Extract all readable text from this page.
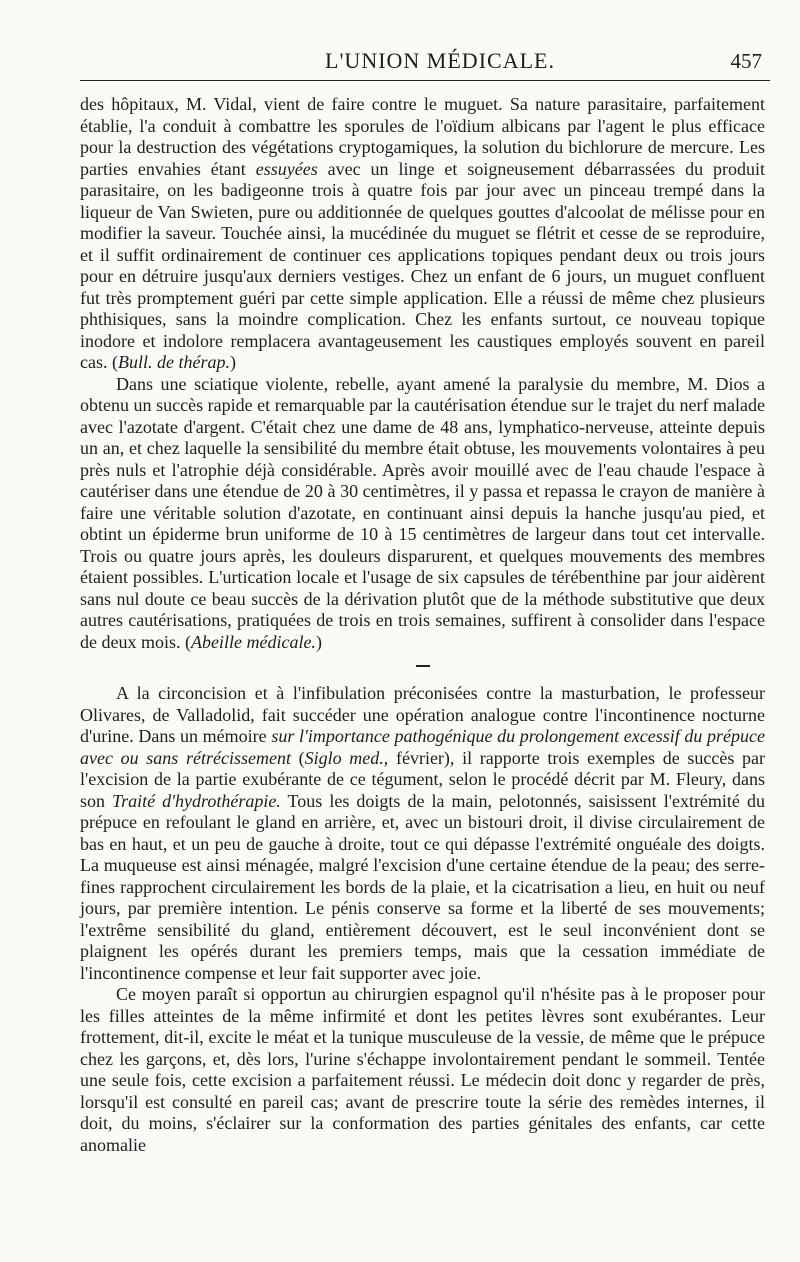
L'UNION MÉDICALE.	457

des hôpitaux, M. Vidal, vient de faire contre le muguet. Sa nature parasitaire, parfaitement établie, l'a conduit à combattre les sporules de l'oïdium albicans par l'agent le plus efficace pour la destruction des végétations cryptogamiques, la solution du bichlorure de mercure. Les parties envahies étant essuyées avec un linge et soigneusement débarrassées du produit parasitaire, on les badigeonne trois à quatre fois par jour avec un pinceau trempé dans la liqueur de Van Swieten, pure ou additionnée de quelques gouttes d'alcoolat de mélisse pour en modifier la saveur. Touchée ainsi, la mucédinée du muguet se flétrit et cesse de se reproduire, et il suffit ordinairement de continuer ces applications topiques pendant deux ou trois jours pour en détruire jusqu'aux derniers vestiges. Chez un enfant de 6 jours, un muguet confluent fut très promptement guéri par cette simple application. Elle a réussi de même chez plusieurs phthisiques, sans la moindre complication. Chez les enfants surtout, ce nouveau topique inodore et indolore remplacera avantageusement les caustiques employés souvent en pareil cas. (Bull. de thérap.)

Dans une sciatique violente, rebelle, ayant amené la paralysie du membre, M. Dios a obtenu un succès rapide et remarquable par la cautérisation étendue sur le trajet du nerf malade avec l'azotate d'argent. C'était chez une dame de 48 ans, lymphatico-nerveuse, atteinte depuis un an, et chez laquelle la sensibilité du membre était obtuse, les mouvements volontaires à peu près nuls et l'atrophie déjà considérable. Après avoir mouillé avec de l'eau chaude l'espace à cautériser dans une étendue de 20 à 30 centimètres, il y passa et repassa le crayon de manière à faire une véritable solution d'azotate, en continuant ainsi depuis la hanche jusqu'au pied, et obtint un épiderme brun uniforme de 10 à 15 centimètres de largeur dans tout cet intervalle. Trois ou quatre jours après, les douleurs disparurent, et quelques mouvements des membres étaient possibles. L'urtication locale et l'usage de six capsules de térébenthine par jour aidèrent sans nul doute ce beau succès de la dérivation plutôt que de la méthode substitutive que deux autres cautérisations, pratiquées de trois en trois semaines, suffirent à consolider dans l'espace de deux mois. (Abeille médicale.)

A la circoncision et à l'infibulation préconisées contre la masturbation, le professeur Olivares, de Valladolid, fait succéder une opération analogue contre l'incontinence nocturne d'urine. Dans un mémoire sur l'importance pathogénique du prolongement excessif du prépuce avec ou sans rétrécissement (Siglo med., février), il rapporte trois exemples de succès par l'excision de la partie exubérante de ce tégument, selon le procédé décrit par M. Fleury, dans son Traité d'hydrothérapie. Tous les doigts de la main, pelotonnés, saisissent l'extrémité du prépuce en refoulant le gland en arrière, et, avec un bistouri droit, il divise circulairement de bas en haut, et un peu de gauche à droite, tout ce qui dépasse l'extrémité onguéale des doigts. La muqueuse est ainsi ménagée, malgré l'excision d'une certaine étendue de la peau; des serre-fines rapprochent circulairement les bords de la plaie, et la cicatrisation a lieu, en huit ou neuf jours, par première intention. Le pénis conserve sa forme et la liberté de ses mouvements; l'extrême sensibilité du gland, entièrement découvert, est le seul inconvénient dont se plaignent les opérés durant les premiers temps, mais que la cessation immédiate de l'incontinence compense et leur fait supporter avec joie.

Ce moyen paraît si opportun au chirurgien espagnol qu'il n'hésite pas à le proposer pour les filles atteintes de la même infirmité et dont les petites lèvres sont exubérantes. Leur frottement, dit-il, excite le méat et la tunique musculeuse de la vessie, de même que le prépuce chez les garçons, et, dès lors, l'urine s'échappe involontairement pendant le sommeil. Tentée une seule fois, cette excision a parfaitement réussi. Le médecin doit donc y regarder de près, lorsqu'il est consulté en pareil cas; avant de prescrire toute la série des remèdes internes, il doit, du moins, s'éclairer sur la conformation des parties génitales des enfants, car cette anomalie
